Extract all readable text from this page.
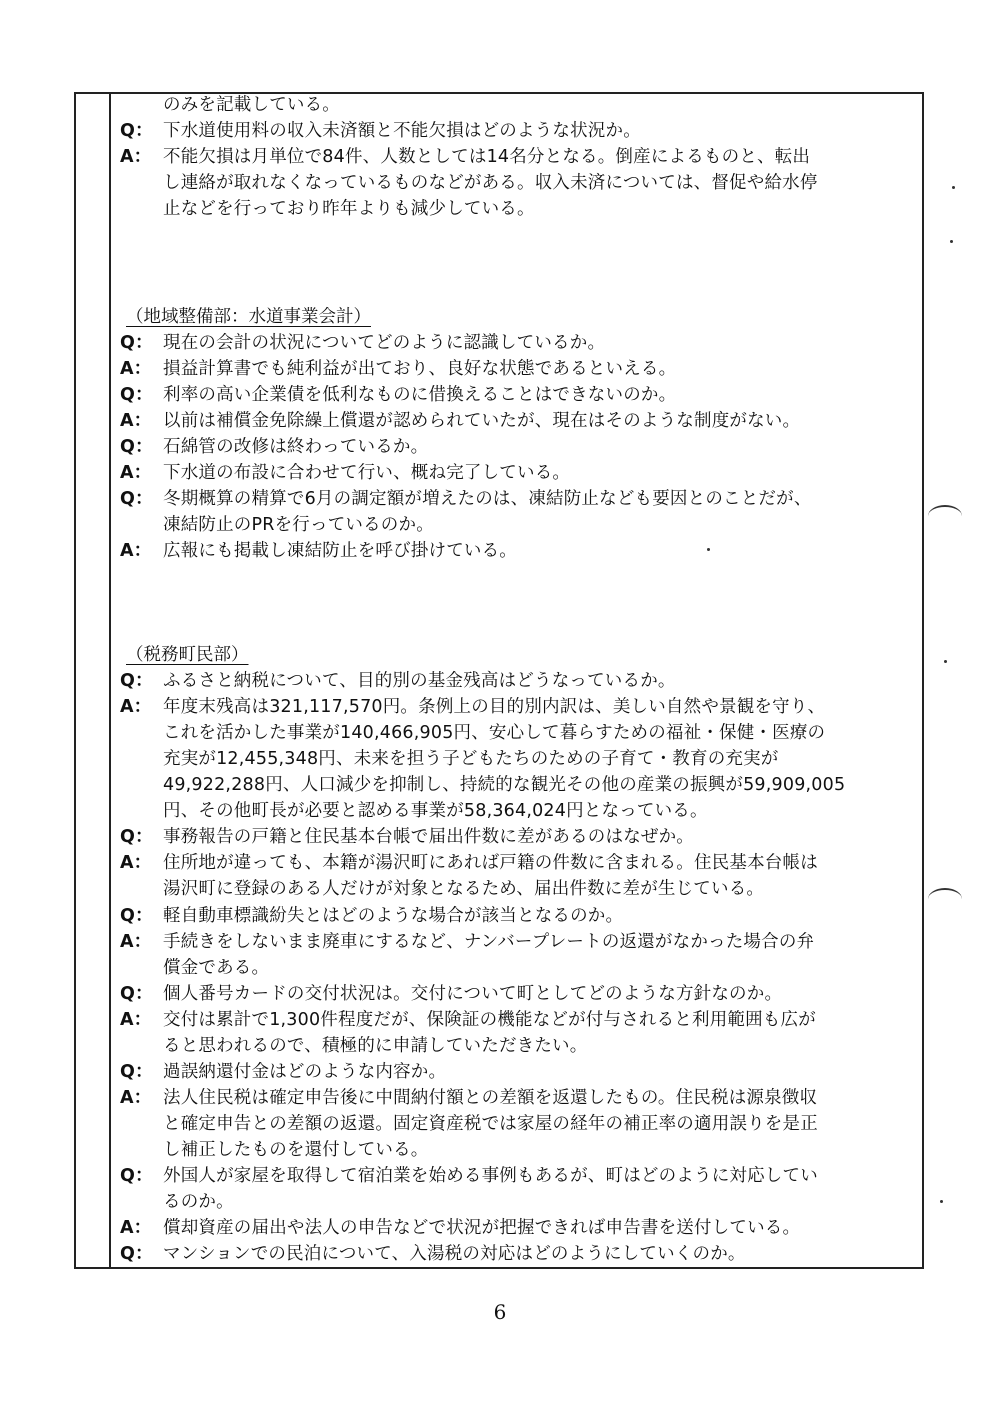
のみを記載している。
Q： 下水道使用料の収入未済額と不能欠損はどのような状況か。
A： 不能欠損は月単位で84件、人数としては14名分となる。倒産によるものと、転出
し連絡が取れなくなっているものなどがある。収入未済については、督促や給水停
止などを行っており昨年よりも減少している。
（地域整備部：水道事業会計）
Q： 現在の会計の状況についてどのように認識しているか。
A： 損益計算書でも純利益が出ており、良好な状態であるといえる。
Q： 利率の高い企業債を低利なものに借換えることはできないのか。
A： 以前は補償金免除繰上償還が認められていたが、現在はそのような制度がない。
Q： 石綿管の改修は終わっているか。
A： 下水道の布設に合わせて行い、概ね完了している。
Q： 冬期概算の精算で6月の調定額が増えたのは、凍結防止なども要因とのことだが、
凍結防止のPRを行っているのか。
A： 広報にも掲載し凍結防止を呼び掛けている。
（税務町民部）
Q： ふるさと納税について、目的別の基金残高はどうなっているか。
A： 年度末残高は321,117,570円。条例上の目的別内訳は、美しい自然や景観を守り、
これを活かした事業が140,466,905円、安心して暮らすための福祉・保健・医療の
充実が12,455,348円、未来を担う子どもたちのための子育て・教育の充実が
49,922,288円、人口減少を抑制し、持続的な観光その他の産業の振興が59,909,005
円、その他町長が必要と認める事業が58,364,024円となっている。
Q： 事務報告の戸籍と住民基本台帳で届出件数に差があるのはなぜか。
A： 住所地が違っても、本籍が湯沢町にあれば戸籍の件数に含まれる。住民基本台帳は
湯沢町に登録のある人だけが対象となるため、届出件数に差が生じている。
Q： 軽自動車標識紛失とはどのような場合が該当となるのか。
A： 手続きをしないまま廃車にするなど、ナンバープレートの返還がなかった場合の弁
償金である。
Q： 個人番号カードの交付状況は。交付について町としてどのような方針なのか。
A： 交付は累計で1,300件程度だが、保険証の機能などが付与されると利用範囲も広が
ると思われるので、積極的に申請していただきたい。
Q： 過誤納還付金はどのような内容か。
A： 法人住民税は確定申告後に中間納付額との差額を返還したもの。住民税は源泉徴収
と確定申告との差額の返還。固定資産税では家屋の経年の補正率の適用誤りを是正
し補正したものを還付している。
Q： 外国人が家屋を取得して宿泊業を始める事例もあるが、町はどのように対応してい
るのか。
A： 償却資産の届出や法人の申告などで状況が把握できれば申告書を送付している。
Q： マンションでの民泊について、入湯税の対応はどのようにしていくのか。
6
